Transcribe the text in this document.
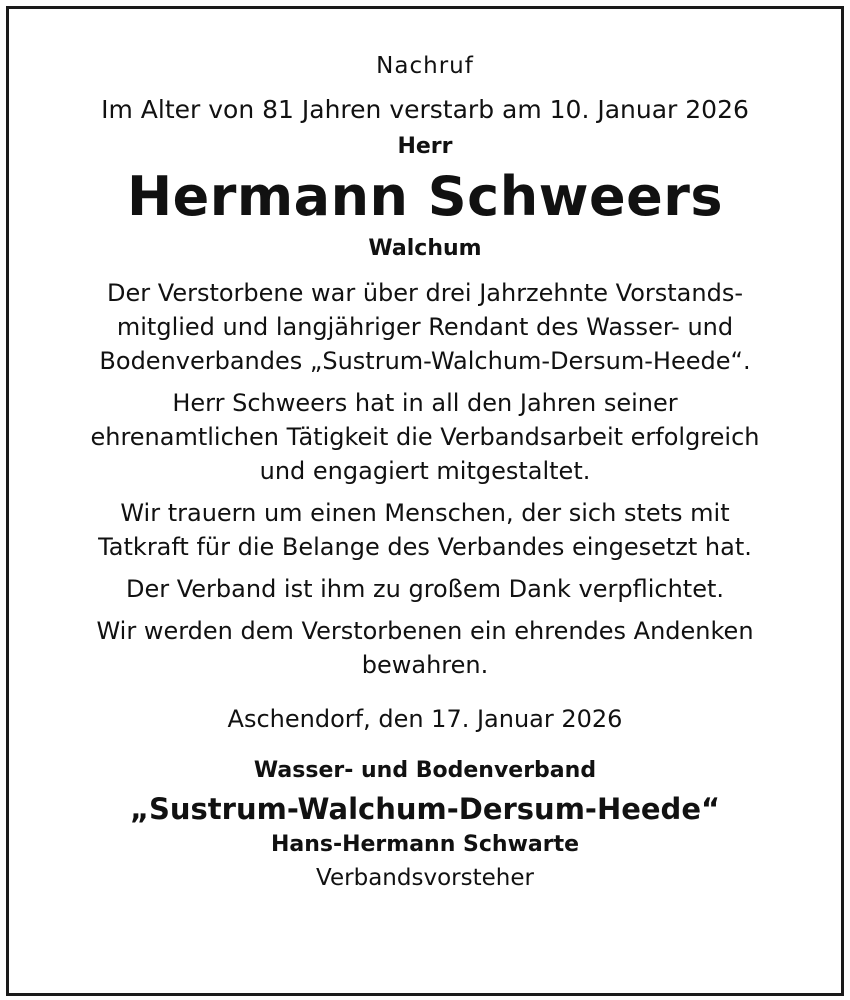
Nachruf

Im Alter von 81 Jahren verstarb am 10. Januar 2026

Herr

Hermann Schweers

Walchum

Der Verstorbene war über drei Jahrzehnte Vorstands-
mitglied und langjähriger Rendant des Wasser- und
Bodenverbandes „Sustrum-Walchum-Dersum-Heede“.

Herr Schweers hat in all den Jahren seiner
ehrenamtlichen Tätigkeit die Verbandsarbeit erfolgreich
und engagiert mitgestaltet.

Wir trauern um einen Menschen, der sich stets mit
Tatkraft für die Belange des Verbandes eingesetzt hat.

Der Verband ist ihm zu großem Dank verpflichtet.

Wir werden dem Verstorbenen ein ehrendes Andenken
bewahren.

Aschendorf, den 17. Januar 2026

Wasser- und Bodenverband

„Sustrum-Walchum-Dersum-Heede“

Hans-Hermann Schwarte

Verbandsvorsteher
